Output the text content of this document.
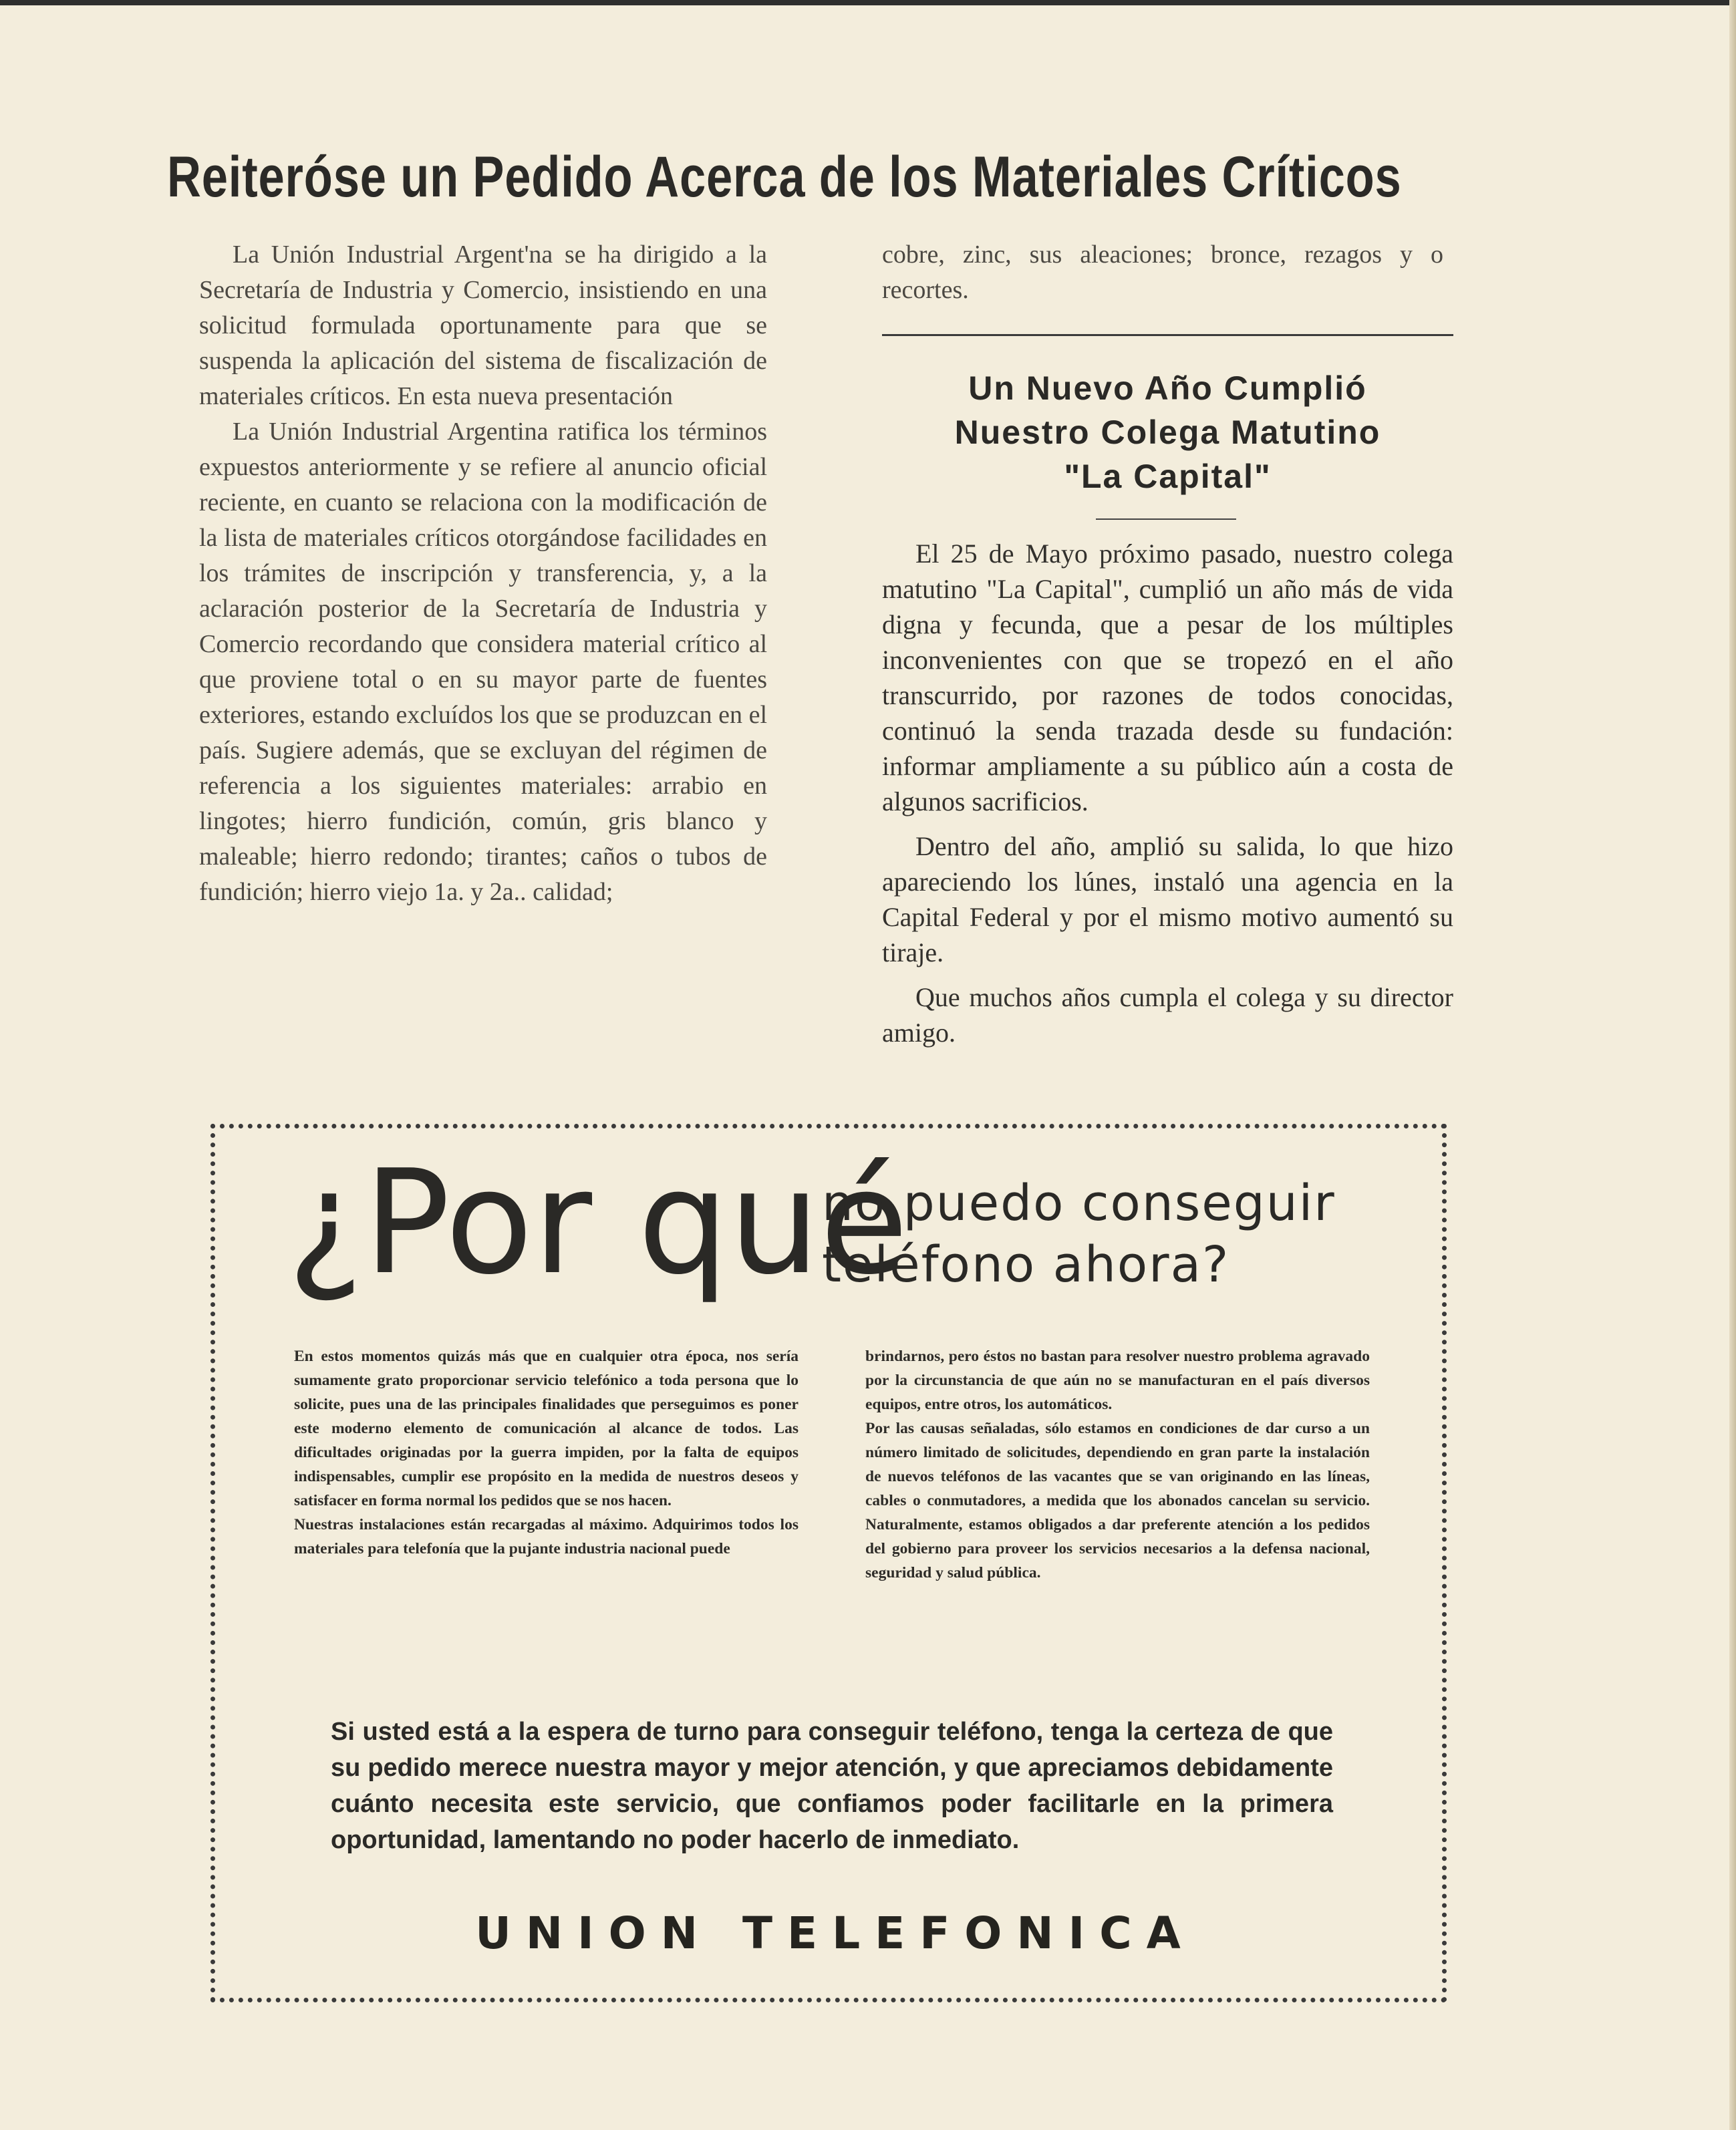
Reiteróse un Pedido Acerca de los Materiales Críticos

La Unión Industrial Argent'na se ha dirigido a la Secretaría de Industria y Comercio, insistiendo en una solicitud formulada oportunamente para que se suspenda la aplicación del sistema de fiscalización de materiales críticos. En esta nueva presentación

La Unión Industrial Argentina ratifica los términos expuestos anteriormente y se refiere al anuncio oficial reciente, en cuanto se relaciona con la modificación de la lista de materiales críticos otorgándose facilidades en los trámites de inscripción y transferencia, y, a la aclaración posterior de la Secretaría de Industria y Comercio recordando que considera material crítico al que proviene total o en su mayor parte de fuentes exteriores, estando excluídos los que se produzcan en el país. Sugiere además, que se excluyan del régimen de referencia a los siguientes materiales: arrabio en lingotes; hierro fundición, común, gris blanco y maleable; hierro redondo; tirantes; caños o tubos de fundición; hierro viejo 1a. y 2a.. calidad;

cobre, zinc, sus aleaciones; bronce, rezagos y o recortes.

Un Nuevo Año Cumplió
Nuestro Colega Matutino
"La Capital"

El 25 de Mayo próximo pasado, nuestro colega matutino "La Capital", cumplió un año más de vida digna y fecunda, que a pesar de los múltiples inconvenientes con que se tropezó en el año transcurrido, por razones de todos conocidas, continuó la senda trazada desde su fundación: informar ampliamente a su público aún a costa de algunos sacrificios.

Dentro del año, amplió su salida, lo que hizo apareciendo los lúnes, instaló una agencia en la Capital Federal y por el mismo motivo aumentó su tiraje.

Que muchos años cumpla el colega y su director amigo.

¿Por qué
no puedo conseguir
teléfono ahora?

En estos momentos quizás más que en cualquier otra época, nos sería sumamente grato proporcionar servicio telefónico a toda persona que lo solicite, pues una de las principales finalidades que perseguimos es poner este moderno elemento de comunicación al alcance de todos. Las dificultades originadas por la guerra impiden, por la falta de equipos indispensables, cumplir ese propósito en la medida de nuestros deseos y satisfacer en forma normal los pedidos que se nos hacen.

Nuestras instalaciones están recargadas al máximo. Adquirimos todos los materiales para telefonía que la pujante industria nacional puede

brindarnos, pero éstos no bastan para resolver nuestro problema agravado por la circunstancia de que aún no se manufacturan en el país diversos equipos, entre otros, los automáticos.

Por las causas señaladas, sólo estamos en condiciones de dar curso a un número limitado de solicitudes, dependiendo en gran parte la instalación de nuevos teléfonos de las vacantes que se van originando en las líneas, cables o conmutadores, a medida que los abonados cancelan su servicio. Naturalmente, estamos obligados a dar preferente atención a los pedidos del gobierno para proveer los servicios necesarios a la defensa nacional, seguridad y salud pública.

Si usted está a la espera de turno para conseguir teléfono, tenga la certeza de que su pedido merece nuestra mayor y mejor atención, y que apreciamos debidamente cuánto necesita este servicio, que confiamos poder facilitarle en la primera oportunidad, lamentando no poder hacerlo de inmediato.
UNION TELEFONICA
